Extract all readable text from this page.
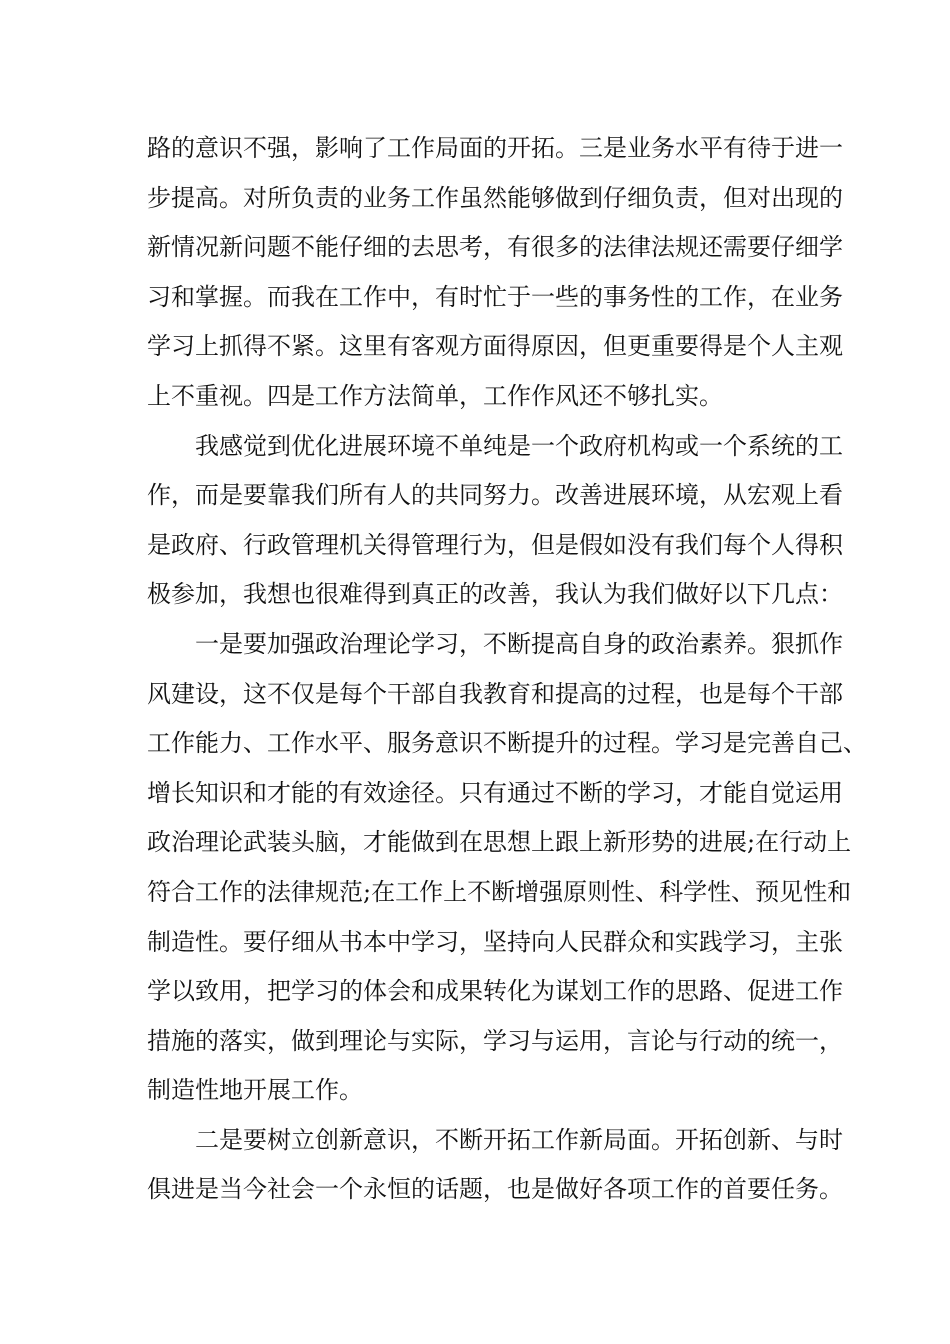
路的意识不强，影响了工作局面的开拓。三是业务水平有待于进一
步提高。对所负责的业务工作虽然能够做到仔细负责，但对出现的
新情况新问题不能仔细的去思考，有很多的法律法规还需要仔细学
习和掌握。而我在工作中，有时忙于一些的事务性的工作，在业务
学习上抓得不紧。这里有客观方面得原因，但更重要得是个人主观
上不重视。四是工作方法简单，工作作风还不够扎实。
我感觉到优化进展环境不单纯是一个政府机构或一个系统的工
作，而是要靠我们所有人的共同努力。改善进展环境，从宏观上看
是政府、行政管理机关得管理行为，但是假如没有我们每个人得积
极参加，我想也很难得到真正的改善，我认为我们做好以下几点：
一是要加强政治理论学习，不断提高自身的政治素养。狠抓作
风建设，这不仅是每个干部自我教育和提高的过程，也是每个干部
工作能力、工作水平、服务意识不断提升的过程。学习是完善自己、
增长知识和才能的有效途径。只有通过不断的学习，才能自觉运用
政治理论武装头脑，才能做到在思想上跟上新形势的进展;在行动上
符合工作的法律规范;在工作上不断增强原则性、科学性、预见性和
制造性。要仔细从书本中学习，坚持向人民群众和实践学习，主张
学以致用，把学习的体会和成果转化为谋划工作的思路、促进工作
措施的落实，做到理论与实际，学习与运用，言论与行动的统一，
制造性地开展工作。
二是要树立创新意识，不断开拓工作新局面。开拓创新、与时
俱进是当今社会一个永恒的话题，也是做好各项工作的首要任务。
